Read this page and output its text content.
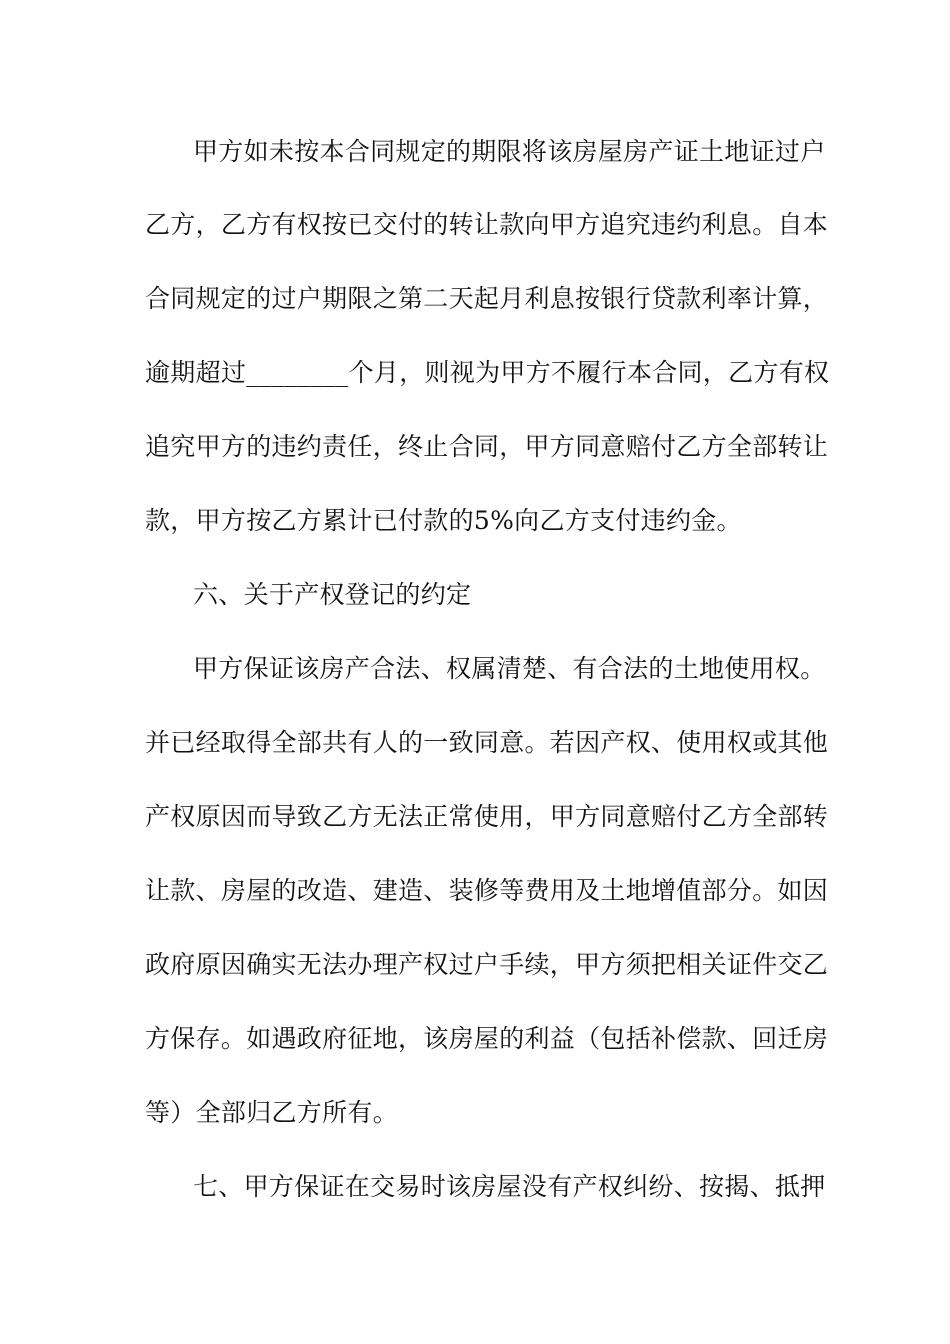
甲方如未按本合同规定的期限将该房屋房产证土地证过户
乙方，乙方有权按已交付的转让款向甲方追究违约利息。自本
合同规定的过户期限之第二天起月利息按银行贷款利率计算，
逾期超过________个月，则视为甲方不履行本合同，乙方有权
追究甲方的违约责任，终止合同，甲方同意赔付乙方全部转让
款，甲方按乙方累计已付款的5%向乙方支付违约金。
六、关于产权登记的约定
甲方保证该房产合法、权属清楚、有合法的土地使用权。
并已经取得全部共有人的一致同意。若因产权、使用权或其他
产权原因而导致乙方无法正常使用，甲方同意赔付乙方全部转
让款、房屋的改造、建造、装修等费用及土地增值部分。如因
政府原因确实无法办理产权过户手续，甲方须把相关证件交乙
方保存。如遇政府征地，该房屋的利益（包括补偿款、回迁房
等）全部归乙方所有。
七、甲方保证在交易时该房屋没有产权纠纷、按揭、抵押
